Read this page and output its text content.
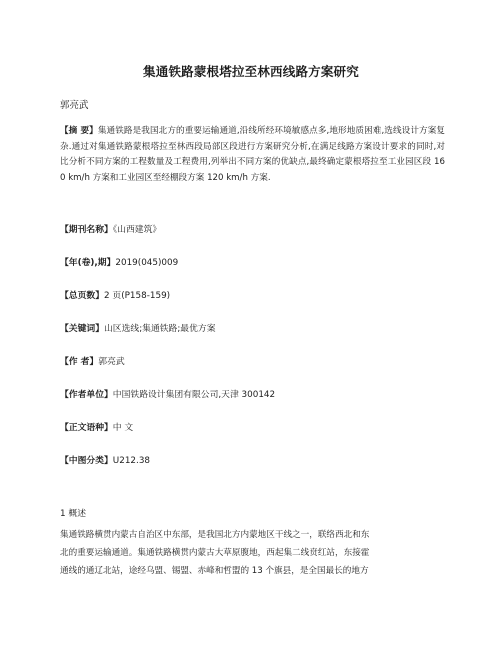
集通铁路蒙根塔拉至林西线路方案研究
郭亮武
【摘 要】集通铁路是我国北方的重要运输通道,沿线所经环境敏感点多,地形地质困难,选线设计方案复杂.通过对集通铁路蒙根塔拉至林西段局部区段进行方案研究分析,在满足线路方案设计要求的同时,对比分析不同方案的工程数量及工程费用,列举出不同方案的优缺点,最终确定蒙根塔拉至工业园区段 160 km/h 方案和工业园区至经棚段方案 120 km/h 方案.
【期刊名称】《山西建筑》
【年(卷),期】2019(045)009
【总页数】2 页(P158-159)
【关键词】山区选线;集通铁路;最优方案
【作 者】郭亮武
【作者单位】中国铁路设计集团有限公司,天津 300142
【正文语种】中 文
【中图分类】U212.38
1 概述
集通铁路横贯内蒙古自治区中东部，是我国北方内蒙地区干线之一，联络西北和东
北的重要运输通道。集通铁路横贯内蒙古大草原腹地，西起集二线贲红站，东接霍
通线的通辽北站，途经乌盟、锡盟、赤峰和哲盟的 13 个旗县，是全国最长的地方
